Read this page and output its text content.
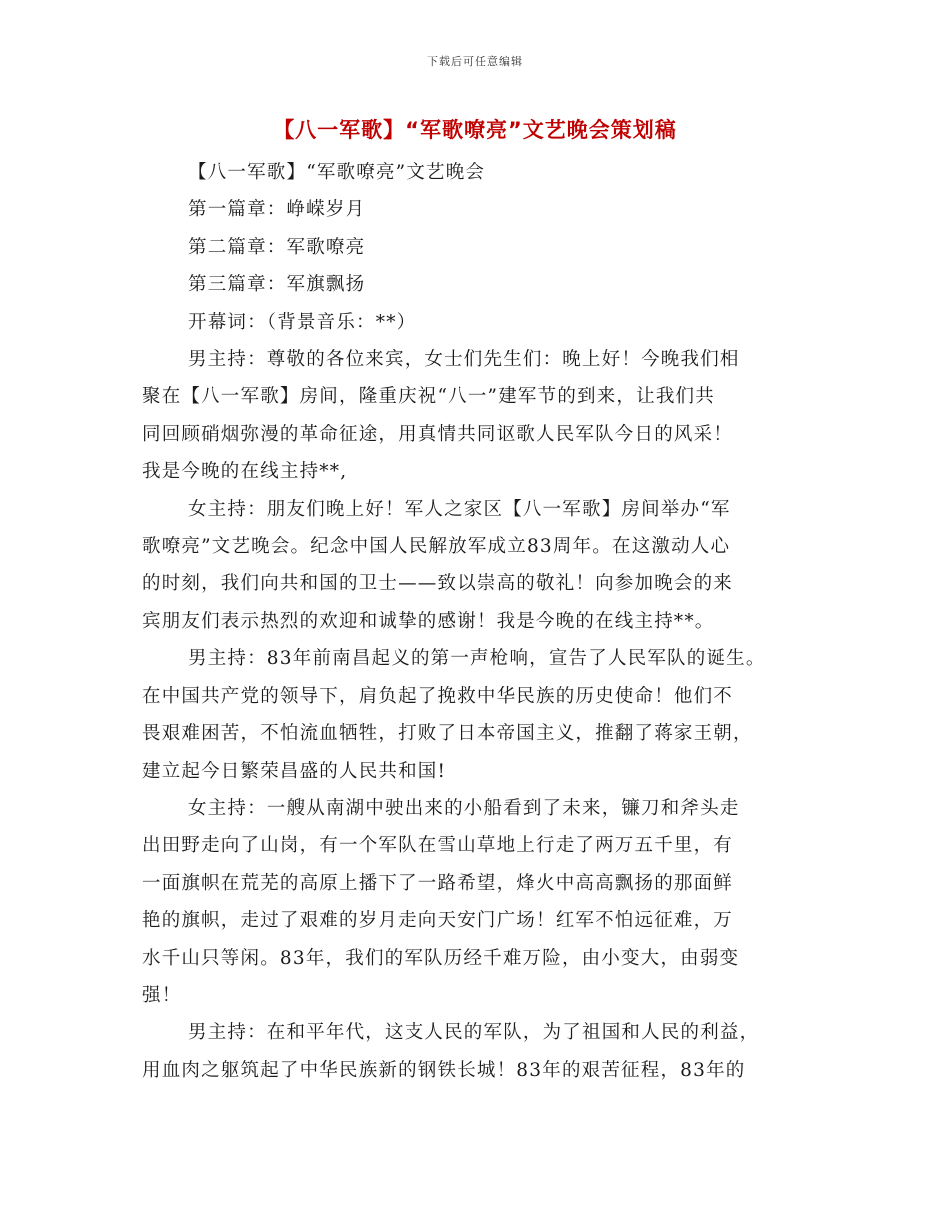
下载后可任意编辑
【八一军歌】“军歌嘹亮”文艺晚会策划稿
【八一军歌】“军歌嘹亮”文艺晚会
第一篇章：峥嵘岁月
第二篇章：军歌嘹亮
第三篇章：军旗飘扬
开幕词：（背景音乐：**）
男主持：尊敬的各位来宾，女士们先生们：晚上好！今晚我们相
聚在【八一军歌】房间，隆重庆祝“八一”建军节的到来，让我们共
同回顾硝烟弥漫的革命征途，用真情共同讴歌人民军队今日的风采！
我是今晚的在线主持**,
女主持：朋友们晚上好！军人之家区【八一军歌】房间举办“军
歌嘹亮”文艺晚会。纪念中国人民解放军成立83周年。在这激动人心
的时刻，我们向共和国的卫士——致以崇高的敬礼！向参加晚会的来
宾朋友们表示热烈的欢迎和诚挚的感谢！我是今晚的在线主持**。
男主持：83年前南昌起义的第一声枪响，宣告了人民军队的诞生。
在中国共产党的领导下，肩负起了挽救中华民族的历史使命！他们不
畏艰难困苦，不怕流血牺牲，打败了日本帝国主义，推翻了蒋家王朝，
建立起今日繁荣昌盛的人民共和国!
女主持：一艘从南湖中驶出来的小船看到了未来，镰刀和斧头走
出田野走向了山岗，有一个军队在雪山草地上行走了两万五千里，有
一面旗帜在荒芜的高原上播下了一路希望，烽火中高高飘扬的那面鲜
艳的旗帜，走过了艰难的岁月走向天安门广场！红军不怕远征难，万
水千山只等闲。83年，我们的军队历经千难万险，由小变大，由弱变
强！
男主持：在和平年代，这支人民的军队，为了祖国和人民的利益，
用血肉之躯筑起了中华民族新的钢铁长城！83年的艰苦征程，83年的
